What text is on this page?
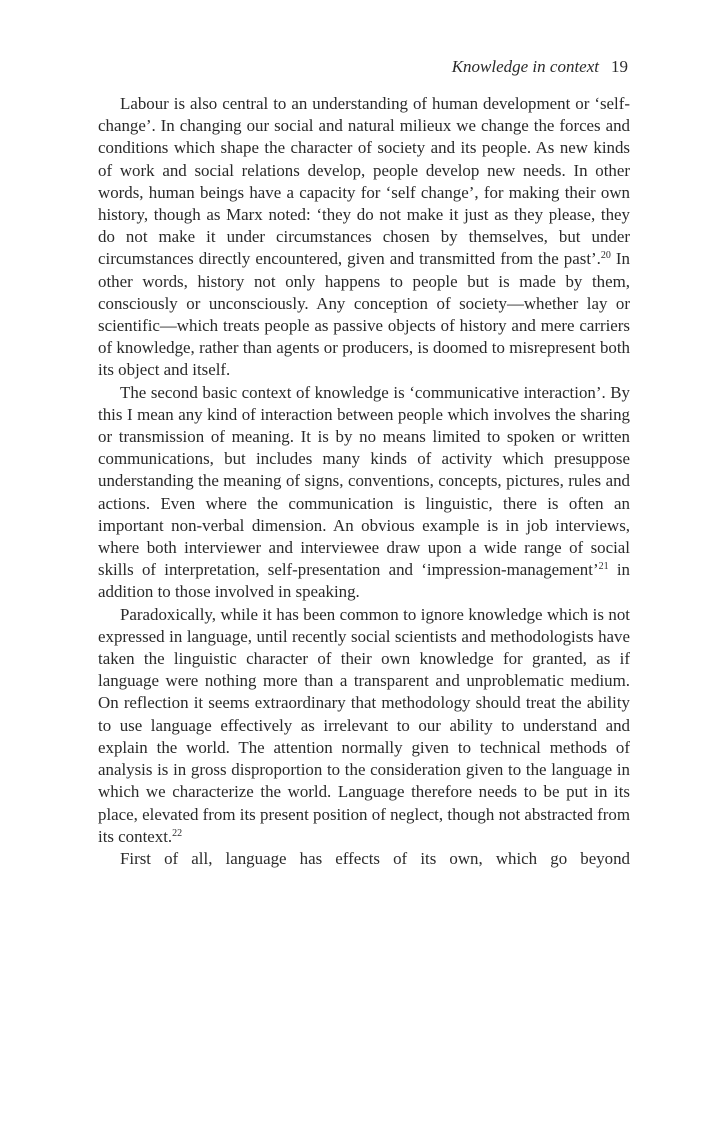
Knowledge in context 19

Labour is also central to an understanding of human development or ‘self-change’. In changing our social and natural milieux we change the forces and conditions which shape the character of society and its people. As new kinds of work and social relations develop, people develop new needs. In other words, human beings have a capacity for ‘self change’, for making their own history, though as Marx noted: ‘they do not make it just as they please, they do not make it under circumstances chosen by themselves, but under circumstances directly encountered, given and transmitted from the past’.$^{20}$ In other words, history not only happens to people but is made by them, consciously or unconsciously. Any conception of society—whether lay or scientific—which treats people as passive objects of history and mere carriers of knowledge, rather than agents or producers, is doomed to misrepresent both its object and itself.

The second basic context of knowledge is ‘communicative interaction’. By this I mean any kind of interaction between people which involves the sharing or transmission of meaning. It is by no means limited to spoken or written communications, but includes many kinds of activity which presuppose understanding the meaning of signs, conventions, concepts, pictures, rules and actions. Even where the communication is linguistic, there is often an important non-verbal dimension. An obvious example is in job interviews, where both interviewer and interviewee draw upon a wide range of social skills of interpretation, self-presentation and ‘impression-management’$^{21}$ in addition to those involved in speaking.

Paradoxically, while it has been common to ignore knowledge which is not expressed in language, until recently social scientists and methodologists have taken the linguistic character of their own knowledge for granted, as if language were nothing more than a transparent and unproblematic medium. On reflection it seems extraordinary that methodology should treat the ability to use language effectively as irrelevant to our ability to understand and explain the world. The attention normally given to technical methods of analysis is in gross disproportion to the consideration given to the language in which we characterize the world. Language therefore needs to be put in its place, elevated from its present position of neglect, though not abstracted from its context.$^{22}$

First of all, language has effects of its own, which go beyond
